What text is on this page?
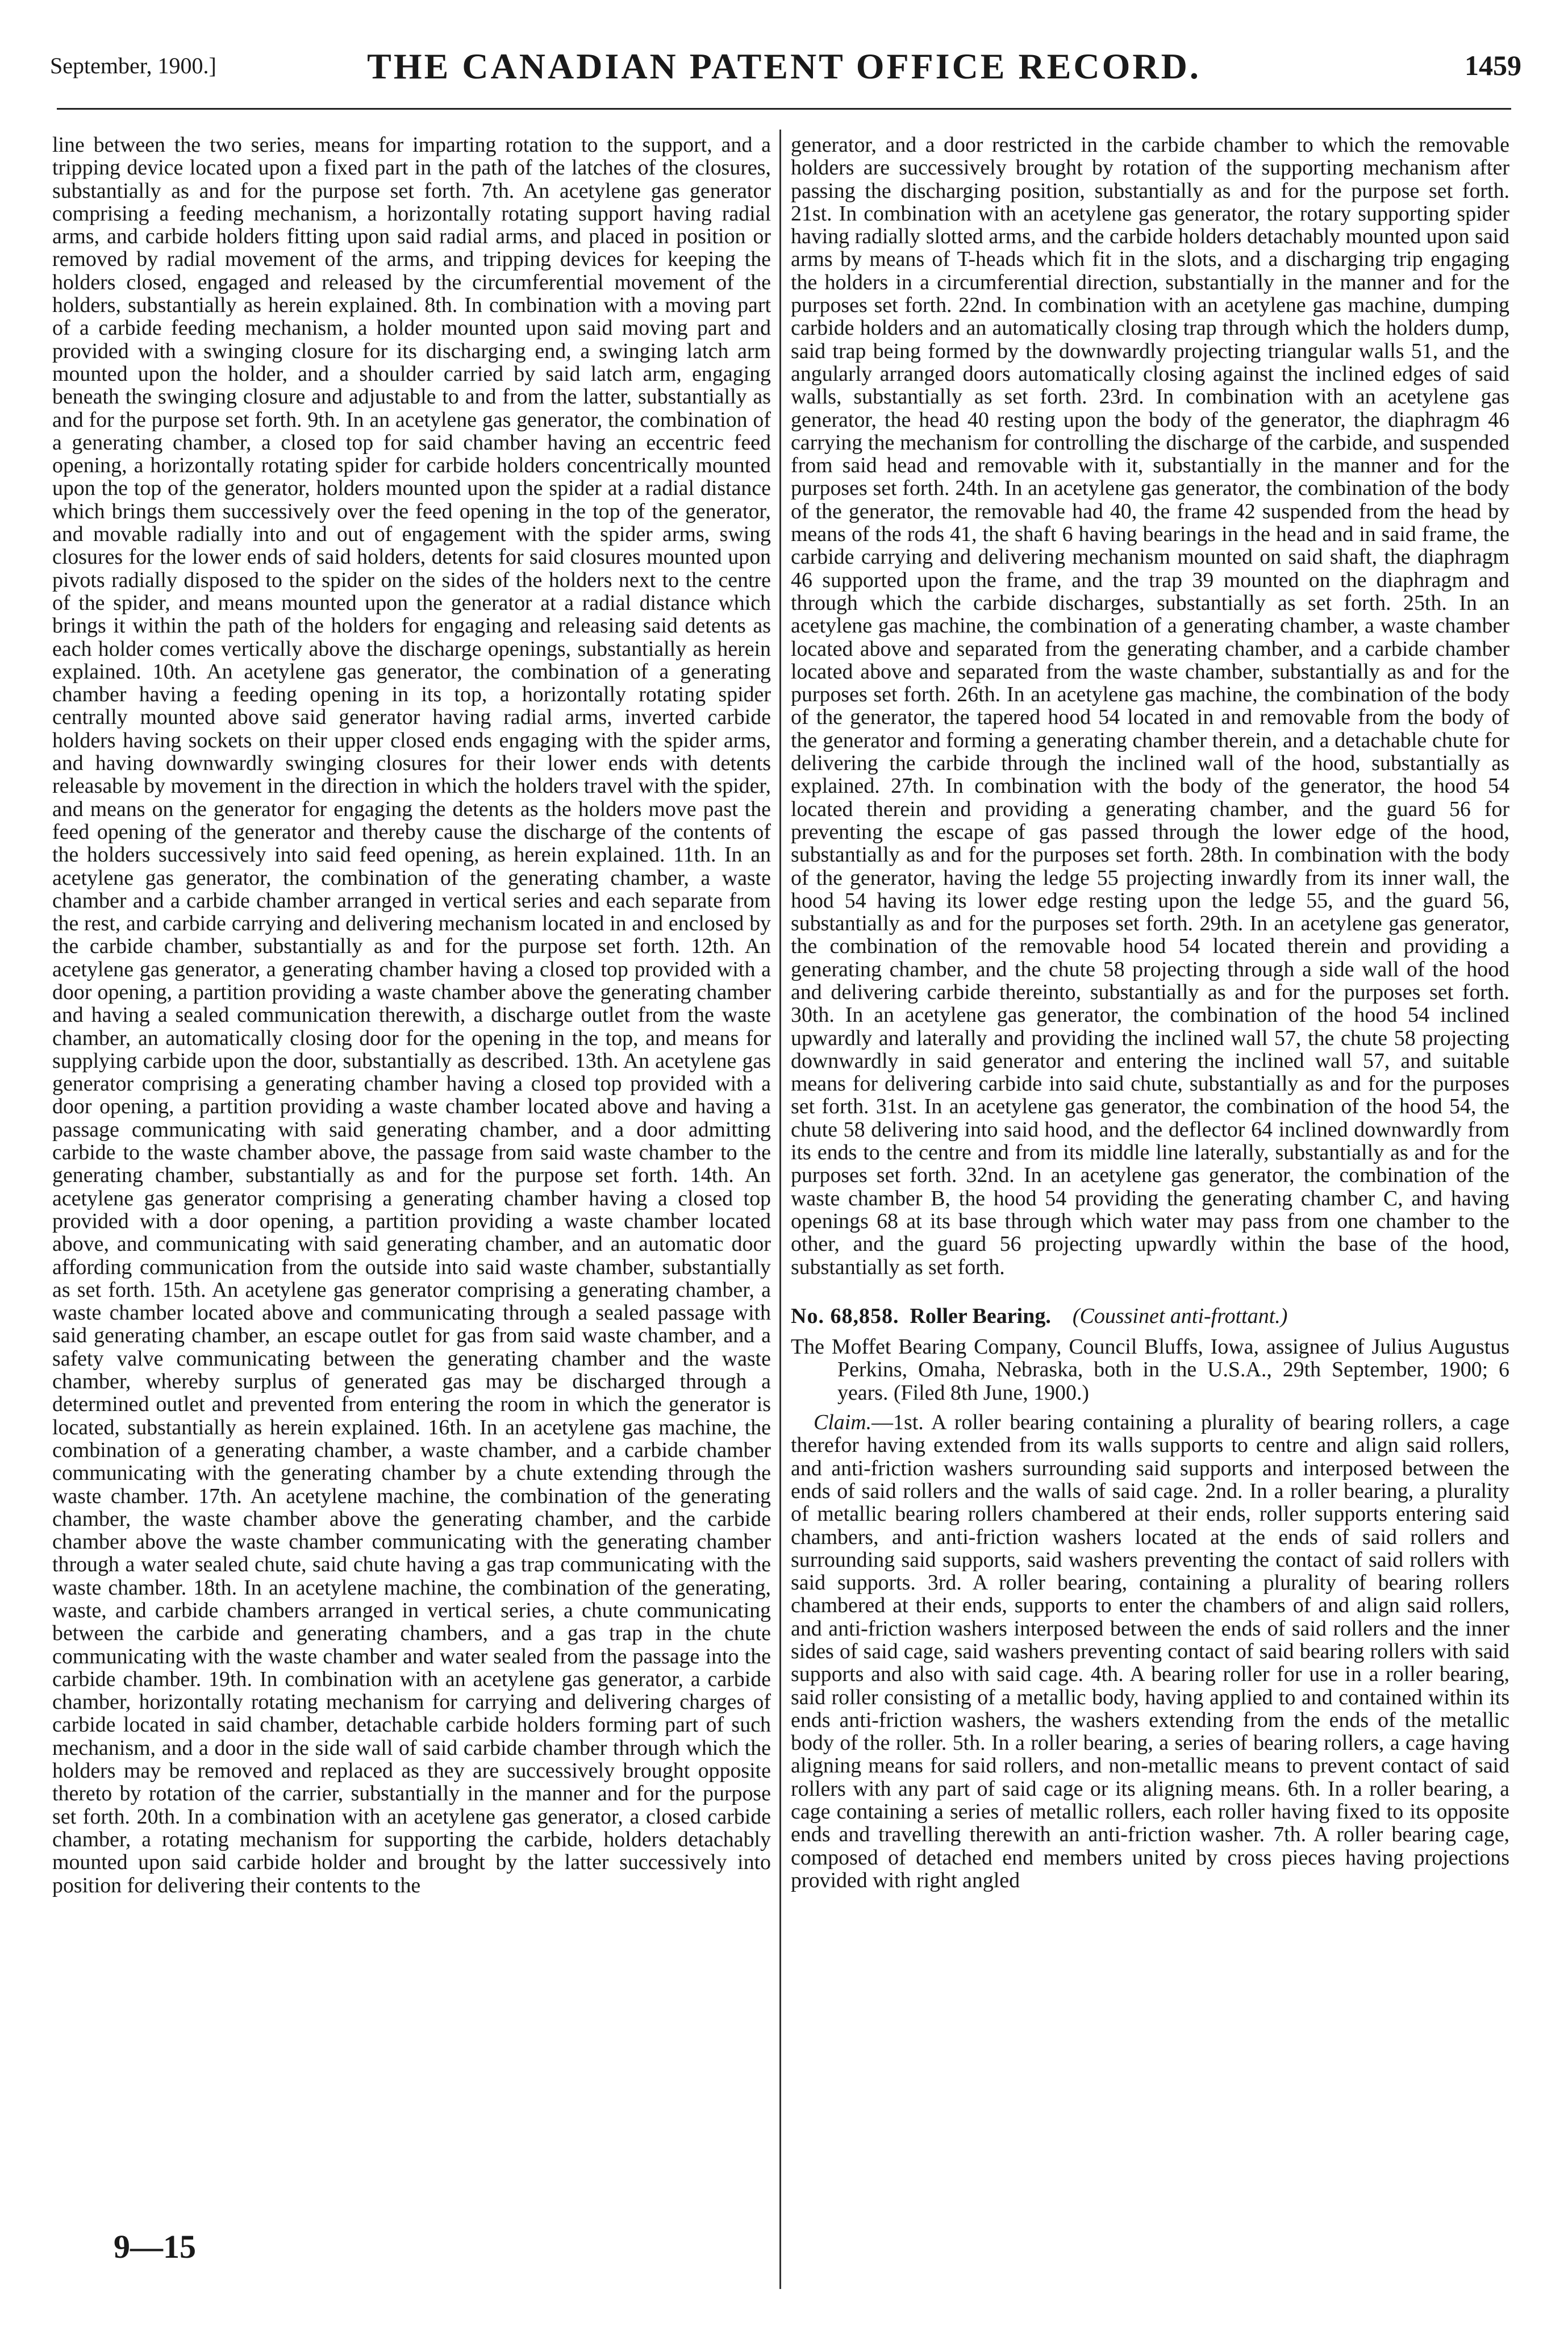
September, 1900.]	THE CANADIAN PATENT OFFICE RECORD.	1459

line between the two series, means for imparting rotation to the support, and a tripping device located upon a fixed part in the path of the latches of the closures, substantially as and for the purpose set forth. 7th. An acetylene gas generator comprising a feeding mechanism, a horizontally rotating support having radial arms, and carbide holders fitting upon said radial arms, and placed in position or removed by radial movement of the arms, and tripping devices for keeping the holders closed, engaged and released by the circumferential movement of the holders, substantially as herein explained. 8th. In combination with a moving part of a carbide feeding mechanism, a holder mounted upon said moving part and provided with a swinging closure for its discharging end, a swinging latch arm mounted upon the holder, and a shoulder carried by said latch arm, engaging beneath the swinging closure and adjustable to and from the latter, substantially as and for the purpose set forth. 9th. In an acetylene gas generator, the combination of a generating chamber, a closed top for said chamber having an eccentric feed opening, a horizontally rotating spider for carbide holders concentrically mounted upon the top of the generator, holders mounted upon the spider at a radial distance which brings them successively over the feed opening in the top of the generator, and movable radially into and out of engagement with the spider arms, swing closures for the lower ends of said holders, detents for said closures mounted upon pivots radially disposed to the spider on the sides of the holders next to the centre of the spider, and means mounted upon the generator at a radial distance which brings it within the path of the holders for engaging and releasing said detents as each holder comes vertically above the discharge openings, substantially as herein explained. 10th. An acetylene gas generator, the combination of a generating chamber having a feeding opening in its top, a horizontally rotating spider centrally mounted above said generator having radial arms, inverted carbide holders having sockets on their upper closed ends engaging with the spider arms, and having downwardly swinging closures for their lower ends with detents releasable by movement in the direction in which the holders travel with the spider, and means on the generator for engaging the detents as the holders move past the feed opening of the generator and thereby cause the discharge of the contents of the holders successively into said feed opening, as herein explained. 11th. In an acetylene gas generator, the combination of the generating chamber, a waste chamber and a carbide chamber arranged in vertical series and each separate from the rest, and carbide carrying and delivering mechanism located in and enclosed by the carbide chamber, substantially as and for the purpose set forth. 12th. An acetylene gas generator, a generating chamber having a closed top provided with a door opening, a partition providing a waste chamber above the generating chamber and having a sealed communication therewith, a discharge outlet from the waste chamber, an automatically closing door for the opening in the top, and means for supplying carbide upon the door, substantially as described. 13th. An acetylene gas generator comprising a generating chamber having a closed top provided with a door opening, a partition providing a waste chamber located above and having a passage communicating with said generating chamber, and a door admitting carbide to the waste chamber above, the passage from said waste chamber to the generating chamber, substantially as and for the purpose set forth. 14th. An acetylene gas generator comprising a generating chamber having a closed top provided with a door opening, a partition providing a waste chamber located above, and communicating with said generating chamber, and an automatic door affording communication from the outside into said waste chamber, substantially as set forth. 15th. An acetylene gas generator comprising a generating chamber, a waste chamber located above and communicating through a sealed passage with said generating chamber, an escape outlet for gas from said waste chamber, and a safety valve communicating between the generating chamber and the waste chamber, whereby surplus of generated gas may be discharged through a determined outlet and prevented from entering the room in which the generator is located, substantially as herein explained. 16th. In an acetylene gas machine, the combination of a generating chamber, a waste chamber, and a carbide chamber communicating with the generating chamber by a chute extending through the waste chamber. 17th. An acetylene machine, the combination of the generating chamber, the waste chamber above the generating chamber, and the carbide chamber above the waste chamber communicating with the generating chamber through a water sealed chute, said chute having a gas trap communicating with the waste chamber. 18th. In an acetylene machine, the combination of the generating, waste, and carbide chambers arranged in vertical series, a chute communicating between the carbide and generating chambers, and a gas trap in the chute communicating with the waste chamber and water sealed from the passage into the carbide chamber. 19th. In combination with an acetylene gas generator, a carbide chamber, horizontally rotating mechanism for carrying and delivering charges of carbide located in said chamber, detachable carbide holders forming part of such mechanism, and a door in the side wall of said carbide chamber through which the holders may be removed and replaced as they are successively brought opposite thereto by rotation of the carrier, substantially in the manner and for the purpose set forth. 20th. In a combination with an acetylene gas generator, a closed carbide chamber, a rotating mechanism for supporting the carbide, holders detachably mounted upon said carbide holder and brought by the latter successively into position for delivering their contents to the

generator, and a door restricted in the carbide chamber to which the removable holders are successively brought by rotation of the supporting mechanism after passing the discharging position, substantially as and for the purpose set forth. 21st. In combination with an acetylene gas generator, the rotary supporting spider having radially slotted arms, and the carbide holders detachably mounted upon said arms by means of T-heads which fit in the slots, and a discharging trip engaging the holders in a circumferential direction, substantially in the manner and for the purposes set forth. 22nd. In combination with an acetylene gas machine, dumping carbide holders and an automatically closing trap through which the holders dump, said trap being formed by the downwardly projecting triangular walls 51, and the angularly arranged doors automatically closing against the inclined edges of said walls, substantially as set forth. 23rd. In combination with an acetylene gas generator, the head 40 resting upon the body of the generator, the diaphragm 46 carrying the mechanism for controlling the discharge of the carbide, and suspended from said head and removable with it, substantially in the manner and for the purposes set forth. 24th. In an acetylene gas generator, the combination of the body of the generator, the removable had 40, the frame 42 suspended from the head by means of the rods 41, the shaft 6 having bearings in the head and in said frame, the carbide carrying and delivering mechanism mounted on said shaft, the diaphragm 46 supported upon the frame, and the trap 39 mounted on the diaphragm and through which the carbide discharges, substantially as set forth. 25th. In an acetylene gas machine, the combination of a generating chamber, a waste chamber located above and separated from the generating chamber, and a carbide chamber located above and separated from the waste chamber, substantially as and for the purposes set forth. 26th. In an acetylene gas machine, the combination of the body of the generator, the tapered hood 54 located in and removable from the body of the generator and forming a generating chamber therein, and a detachable chute for delivering the carbide through the inclined wall of the hood, substantially as explained. 27th. In combination with the body of the generator, the hood 54 located therein and providing a generating chamber, and the guard 56 for preventing the escape of gas passed through the lower edge of the hood, substantially as and for the purposes set forth. 28th. In combination with the body of the generator, having the ledge 55 projecting inwardly from its inner wall, the hood 54 having its lower edge resting upon the ledge 55, and the guard 56, substantially as and for the purposes set forth. 29th. In an acetylene gas generator, the combination of the removable hood 54 located therein and providing a generating chamber, and the chute 58 projecting through a side wall of the hood and delivering carbide thereinto, substantially as and for the purposes set forth. 30th. In an acetylene gas generator, the combination of the hood 54 inclined upwardly and laterally and providing the inclined wall 57, the chute 58 projecting downwardly in said generator and entering the inclined wall 57, and suitable means for delivering carbide into said chute, substantially as and for the purposes set forth. 31st. In an acetylene gas generator, the combination of the hood 54, the chute 58 delivering into said hood, and the deflector 64 inclined downwardly from its ends to the centre and from its middle line laterally, substantially as and for the purposes set forth. 32nd. In an acetylene gas generator, the combination of the waste chamber B, the hood 54 providing the generating chamber C, and having openings 68 at its base through which water may pass from one chamber to the other, and the guard 56 projecting upwardly within the base of the hood, substantially as set forth.

No. 68,858. Roller Bearing. (Coussinet anti-frottant.)

The Moffet Bearing Company, Council Bluffs, Iowa, assignee of Julius Augustus Perkins, Omaha, Nebraska, both in the U.S.A., 29th September, 1900; 6 years. (Filed 8th June, 1900.)

Claim.—1st. A roller bearing containing a plurality of bearing rollers, a cage therefor having extended from its walls supports to centre and align said rollers, and anti-friction washers surrounding said supports and interposed between the ends of said rollers and the walls of said cage. 2nd. In a roller bearing, a plurality of metallic bearing rollers chambered at their ends, roller supports entering said chambers, and anti-friction washers located at the ends of said rollers and surrounding said supports, said washers preventing the contact of said rollers with said supports. 3rd. A roller bearing, containing a plurality of bearing rollers chambered at their ends, supports to enter the chambers of and align said rollers, and anti-friction washers interposed between the ends of said rollers and the inner sides of said cage, said washers preventing contact of said bearing rollers with said supports and also with said cage. 4th. A bearing roller for use in a roller bearing, said roller consisting of a metallic body, having applied to and contained within its ends anti-friction washers, the washers extending from the ends of the metallic body of the roller. 5th. In a roller bearing, a series of bearing rollers, a cage having aligning means for said rollers, and non-metallic means to prevent contact of said rollers with any part of said cage or its aligning means. 6th. In a roller bearing, a cage containing a series of metallic rollers, each roller having fixed to its opposite ends and travelling therewith an anti-friction washer. 7th. A roller bearing cage, composed of detached end members united by cross pieces having projections provided with right angled

9—15
